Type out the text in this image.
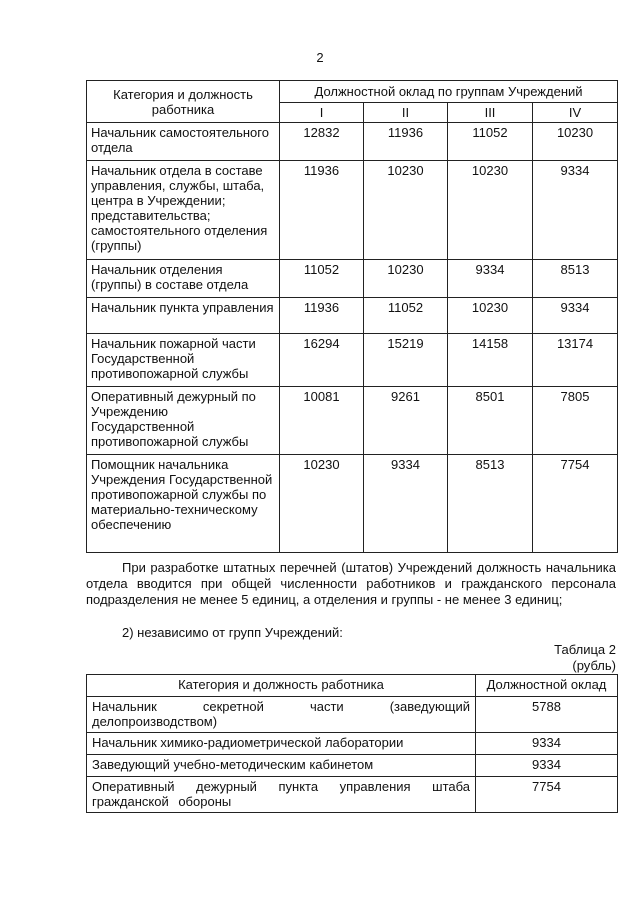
2
Категория и должность работника	Должностной оклад по группам Учреждений			
	I	II	III	IV
Начальник самостоятельного отдела	12832	11936	11052	10230
Начальник отдела в составе управления, службы, штаба, центра в Учреждении; представительства; самостоятельного отделения (группы)	11936	10230	10230	9334
Начальник отделения (группы) в составе отдела	11052	10230	9334	8513
Начальник пункта управления	11936	11052	10230	9334
Начальник пожарной части Государственной противопожарной службы	16294	15219	14158	13174
Оперативный дежурный по Учреждению Государственной противопожарной службы	10081	9261	8501	7805
Помощник начальника Учреждения Государственной противопожарной службы по материально-техническому обеспечению	10230	9334	8513	7754
При разработке штатных перечней (штатов) Учреждений должность начальника отдела вводится при общей численности работников и гражданского персонала подразделения не менее 5 единиц, а отделения и группы - не менее 3 единиц;
2) независимо от групп Учреждений:
Таблица 2
(рубль)
Категория и должность работника	Должностной оклад
Начальник секретной части (заведующий делопроизводством)	5788
Начальник химико-радиометрической лаборатории	9334
Заведующий учебно-методическим кабинетом	9334
Оперативный дежурный пункта управления штаба гражданской обороны	7754
